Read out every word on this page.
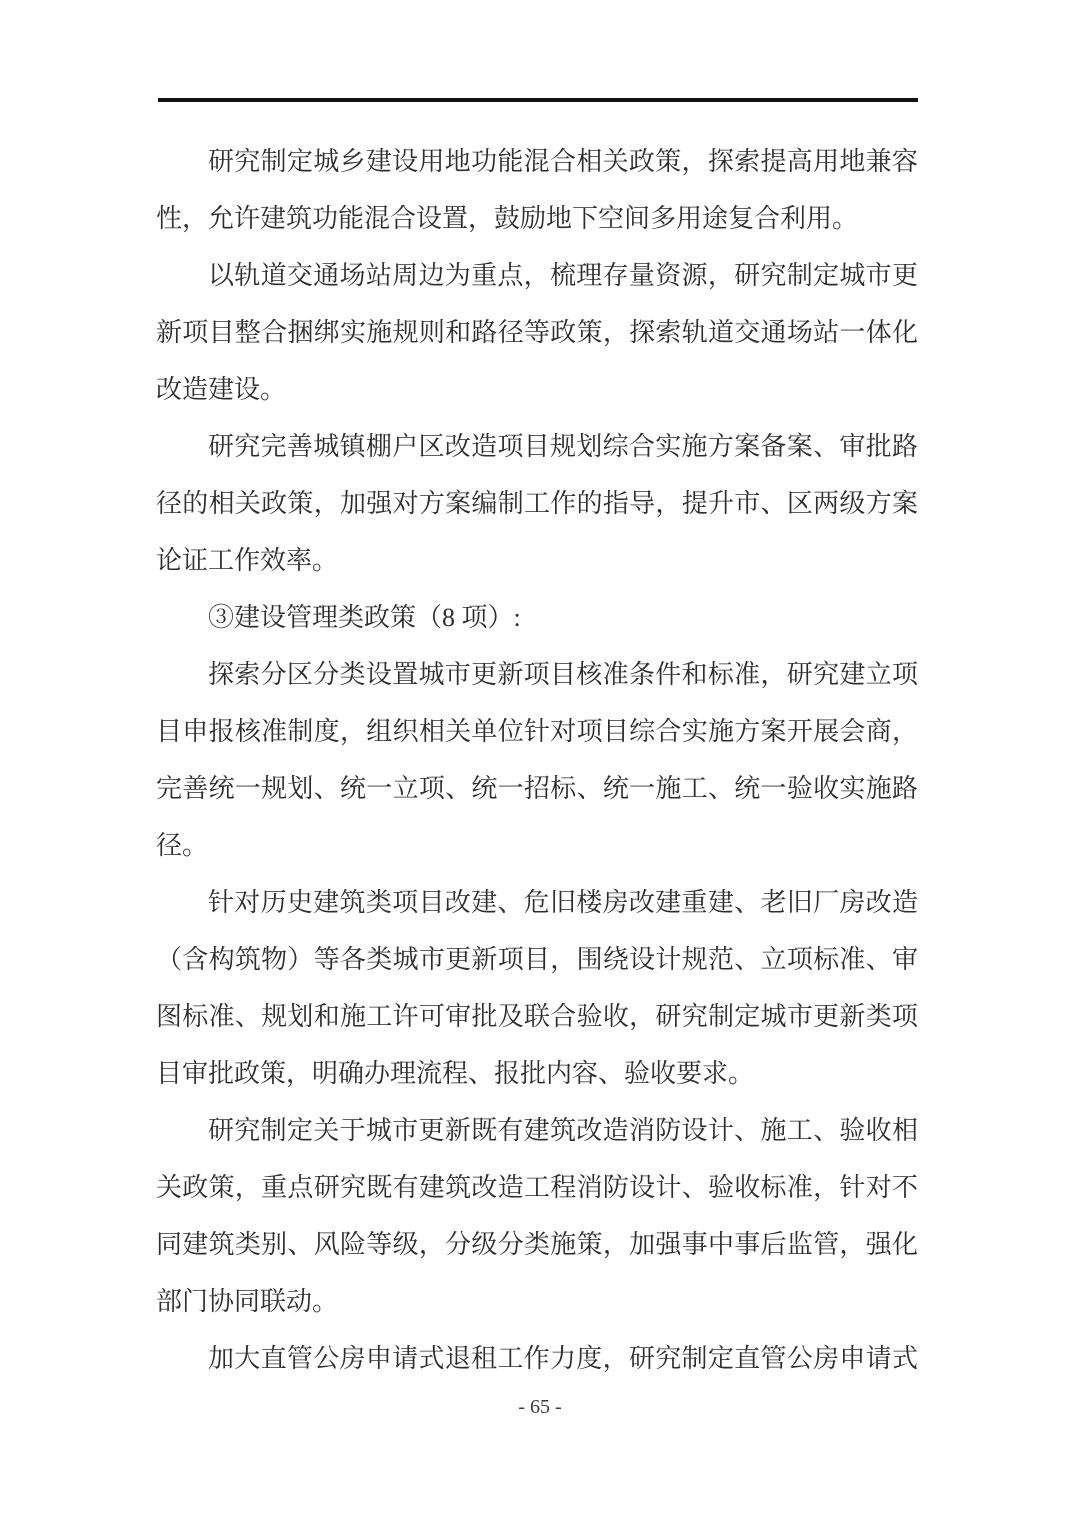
研究制定城乡建设用地功能混合相关政策，探索提高用地兼容
性，允许建筑功能混合设置，鼓励地下空间多用途复合利用。
以轨道交通场站周边为重点，梳理存量资源，研究制定城市更
新项目整合捆绑实施规则和路径等政策，探索轨道交通场站一体化
改造建设。
研究完善城镇棚户区改造项目规划综合实施方案备案、审批路
径的相关政策，加强对方案编制工作的指导，提升市、区两级方案
论证工作效率。
③建设管理类政策（8 项）:
探索分区分类设置城市更新项目核准条件和标准，研究建立项
目申报核准制度，组织相关单位针对项目综合实施方案开展会商，
完善统一规划、统一立项、统一招标、统一施工、统一验收实施路
径。
针对历史建筑类项目改建、危旧楼房改建重建、老旧厂房改造
（含构筑物）等各类城市更新项目，围绕设计规范、立项标准、审
图标准、规划和施工许可审批及联合验收，研究制定城市更新类项
目审批政策，明确办理流程、报批内容、验收要求。
研究制定关于城市更新既有建筑改造消防设计、施工、验收相
关政策，重点研究既有建筑改造工程消防设计、验收标准，针对不
同建筑类别、风险等级，分级分类施策，加强事中事后监管，强化
部门协同联动。
加大直管公房申请式退租工作力度，研究制定直管公房申请式
- 65 -
